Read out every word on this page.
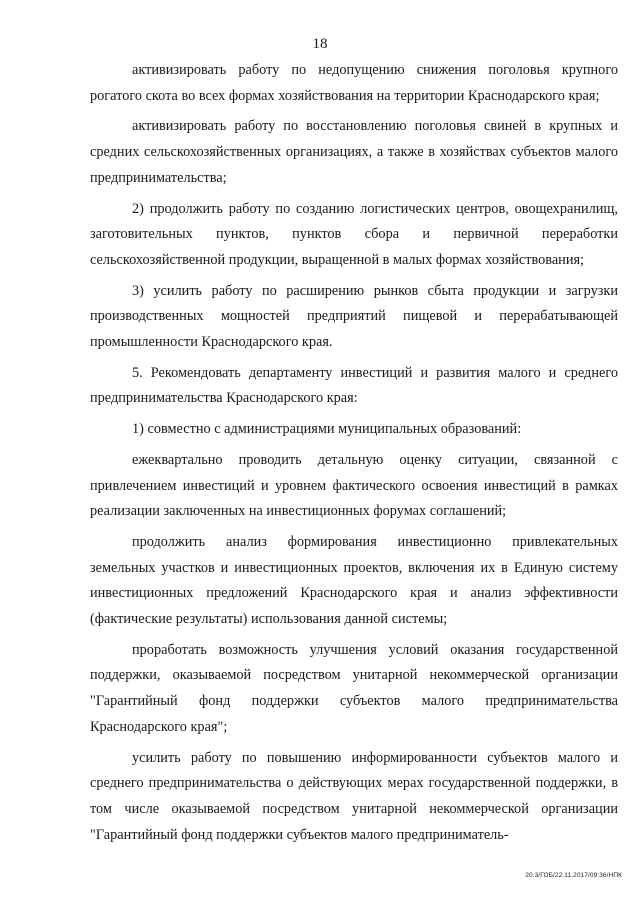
18

активизировать работу по недопущению снижения поголовья крупного рогатого скота во всех формах хозяйствования на территории Краснодарского края;

активизировать работу по восстановлению поголовья свиней в крупных и средних сельскохозяйственных организациях, а также в хозяйствах субъектов малого предпринимательства;

2) продолжить работу по созданию логистических центров, овощехранилищ, заготовительных пунктов, пунктов сбора и первичной переработки сельскохозяйственной продукции, выращенной в малых формах хозяйствования;

3) усилить работу по расширению рынков сбыта продукции и загрузки производственных мощностей предприятий пищевой и перерабатывающей промышленности Краснодарского края.

5. Рекомендовать департаменту инвестиций и развития малого и среднего предпринимательства Краснодарского края:

1) совместно с администрациями муниципальных образований:

ежеквартально проводить детальную оценку ситуации, связанной с привлечением инвестиций и уровнем фактического освоения инвестиций в рамках реализации заключенных на инвестиционных форумах соглашений;

продолжить анализ формирования инвестиционно привлекательных земельных участков и инвестиционных проектов, включения их в Единую систему инвестиционных предложений Краснодарского края и анализ эффективности (фактические результаты) использования данной системы;

проработать возможность улучшения условий оказания государственной поддержки, оказываемой посредством унитарной некоммерческой организации "Гарантийный фонд поддержки субъектов малого предпринимательства Краснодарского края";

усилить работу по повышению информированности субъектов малого и среднего предпринимательства о действующих мерах государственной поддержки, в том числе оказываемой посредством унитарной некоммерческой организации "Гарантийный фонд поддержки субъектов малого предприниматель-

20.3/ГОБ/22.11.2017/09:36/НПК
